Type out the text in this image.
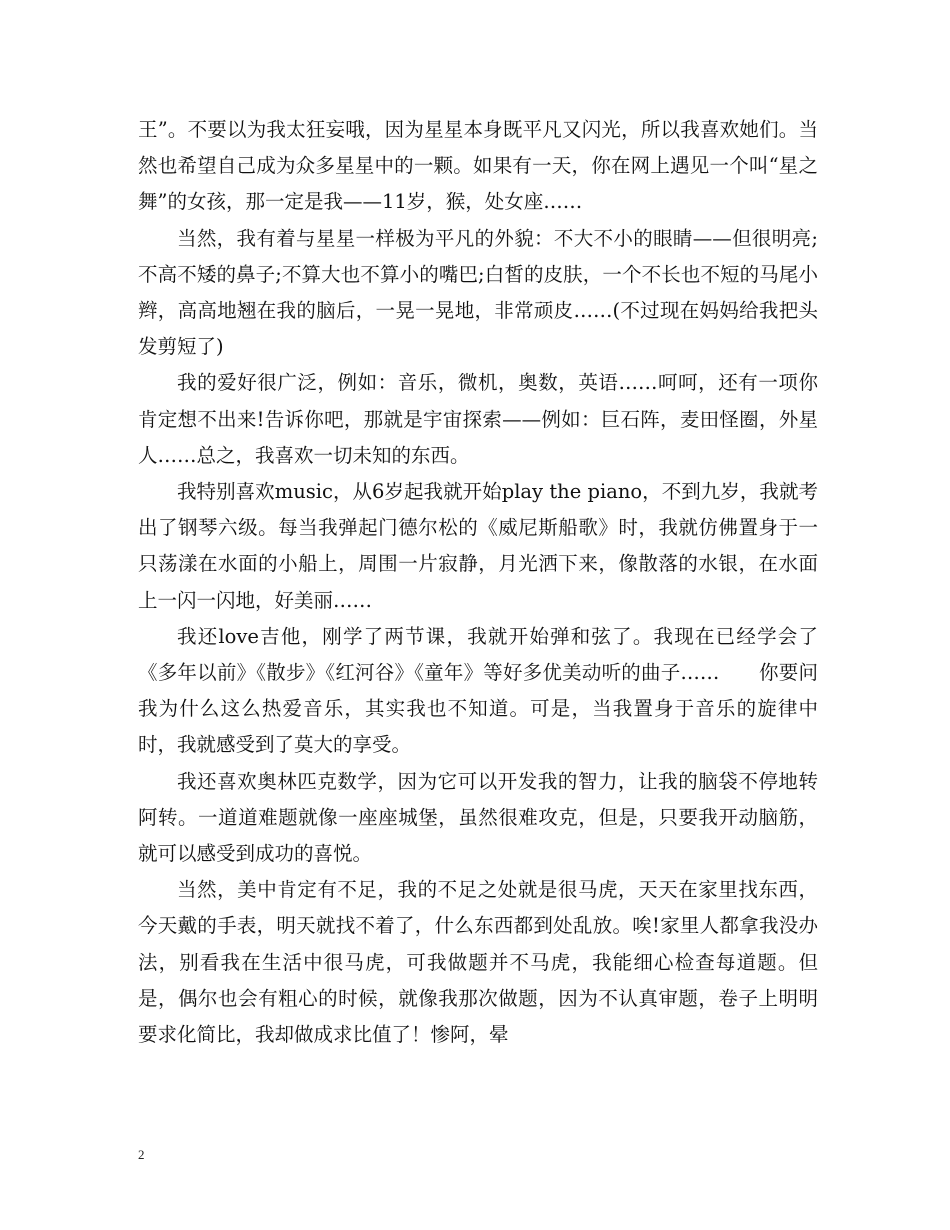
王”。不要以为我太狂妄哦，因为星星本身既平凡又闪光，所以我喜欢她们。当然也希望自己成为众多星星中的一颗。如果有一天，你在网上遇见一个叫“星之舞”的女孩，那一定是我——11岁，猴，处女座……

当然，我有着与星星一样极为平凡的外貌：不大不小的眼睛——但很明亮;不高不矮的鼻子;不算大也不算小的嘴巴;白皙的皮肤，一个不长也不短的马尾小辫，高高地翘在我的脑后，一晃一晃地，非常顽皮……(不过现在妈妈给我把头发剪短了)

我的爱好很广泛，例如：音乐，微机，奥数，英语……呵呵，还有一项你肯定想不出来!告诉你吧，那就是宇宙探索——例如：巨石阵，麦田怪圈，外星人……总之，我喜欢一切未知的东西。

我特别喜欢music，从6岁起我就开始play the piano，不到九岁，我就考出了钢琴六级。每当我弹起门德尔松的《威尼斯船歌》时，我就仿佛置身于一只荡漾在水面的小船上，周围一片寂静，月光洒下来，像散落的水银，在水面上一闪一闪地，好美丽……

我还love吉他，刚学了两节课，我就开始弹和弦了。我现在已经学会了《多年以前》《散步》《红河谷》《童年》等好多优美动听的曲子……　　你要问我为什么这么热爱音乐，其实我也不知道。可是，当我置身于音乐的旋律中时，我就感受到了莫大的享受。

我还喜欢奥林匹克数学，因为它可以开发我的智力，让我的脑袋不停地转阿转。一道道难题就像一座座城堡，虽然很难攻克，但是，只要我开动脑筋，就可以感受到成功的喜悦。

当然，美中肯定有不足，我的不足之处就是很马虎，天天在家里找东西，今天戴的手表，明天就找不着了，什么东西都到处乱放。唉!家里人都拿我没办法，别看我在生活中很马虎，可我做题并不马虎，我能细心检查每道题。但是，偶尔也会有粗心的时候，就像我那次做题，因为不认真审题，卷子上明明要求化简比，我却做成求比值了！惨阿，晕

2
